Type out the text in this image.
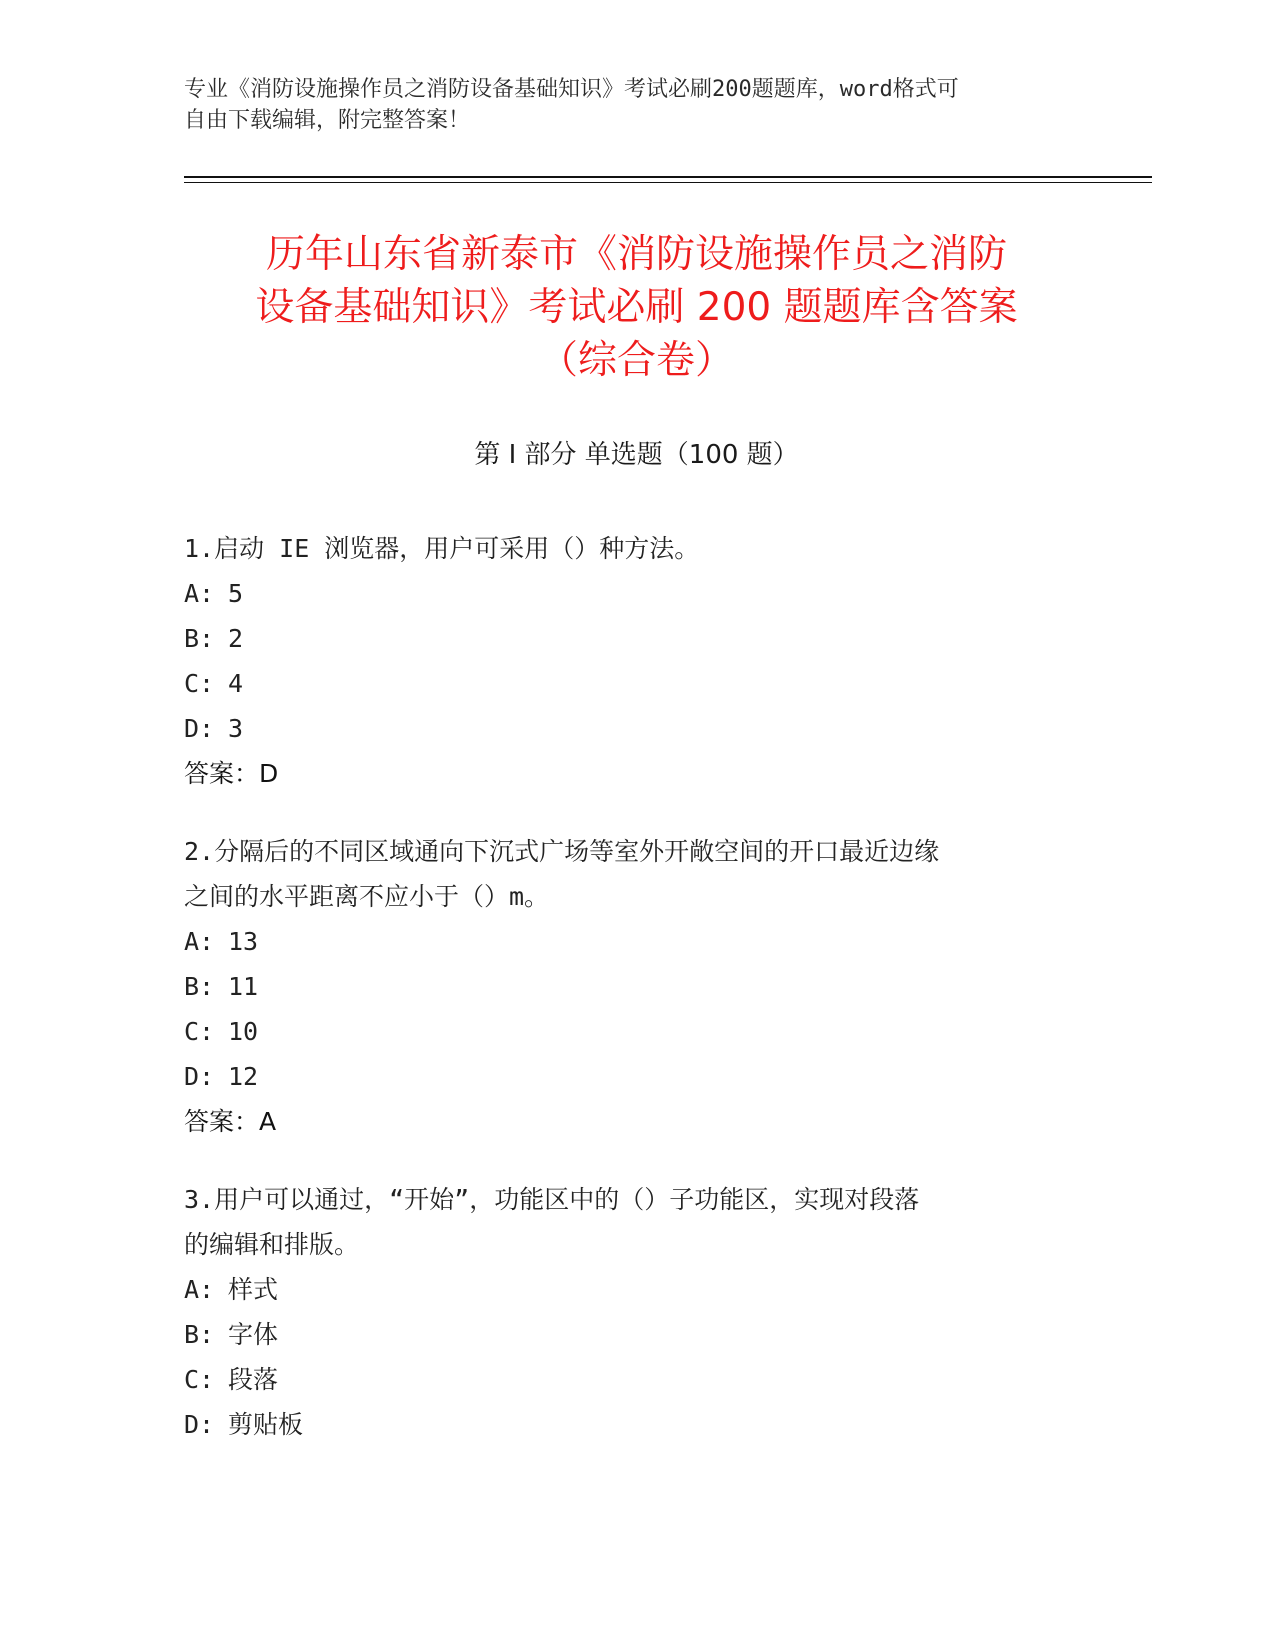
专业《消防设施操作员之消防设备基础知识》考试必刷200题题库，word格式可
自由下载编辑，附完整答案！
历年山东省新泰市《消防设施操作员之消防
设备基础知识》考试必刷 200 题题库含答案
（综合卷）
第 I 部分 单选题（100 题）
1.启动 IE 浏览器，用户可采用（）种方法。
A: 5
B: 2
C: 4
D: 3
答案：D
2.分隔后的不同区域通向下沉式广场等室外开敞空间的开口最近边缘
之间的水平距离不应小于（）m。
A: 13
B: 11
C: 10
D: 12
答案：A
3.用户可以通过，“开始”，功能区中的（）子功能区，实现对段落
的编辑和排版。
A: 样式
B: 字体
C: 段落
D: 剪贴板
